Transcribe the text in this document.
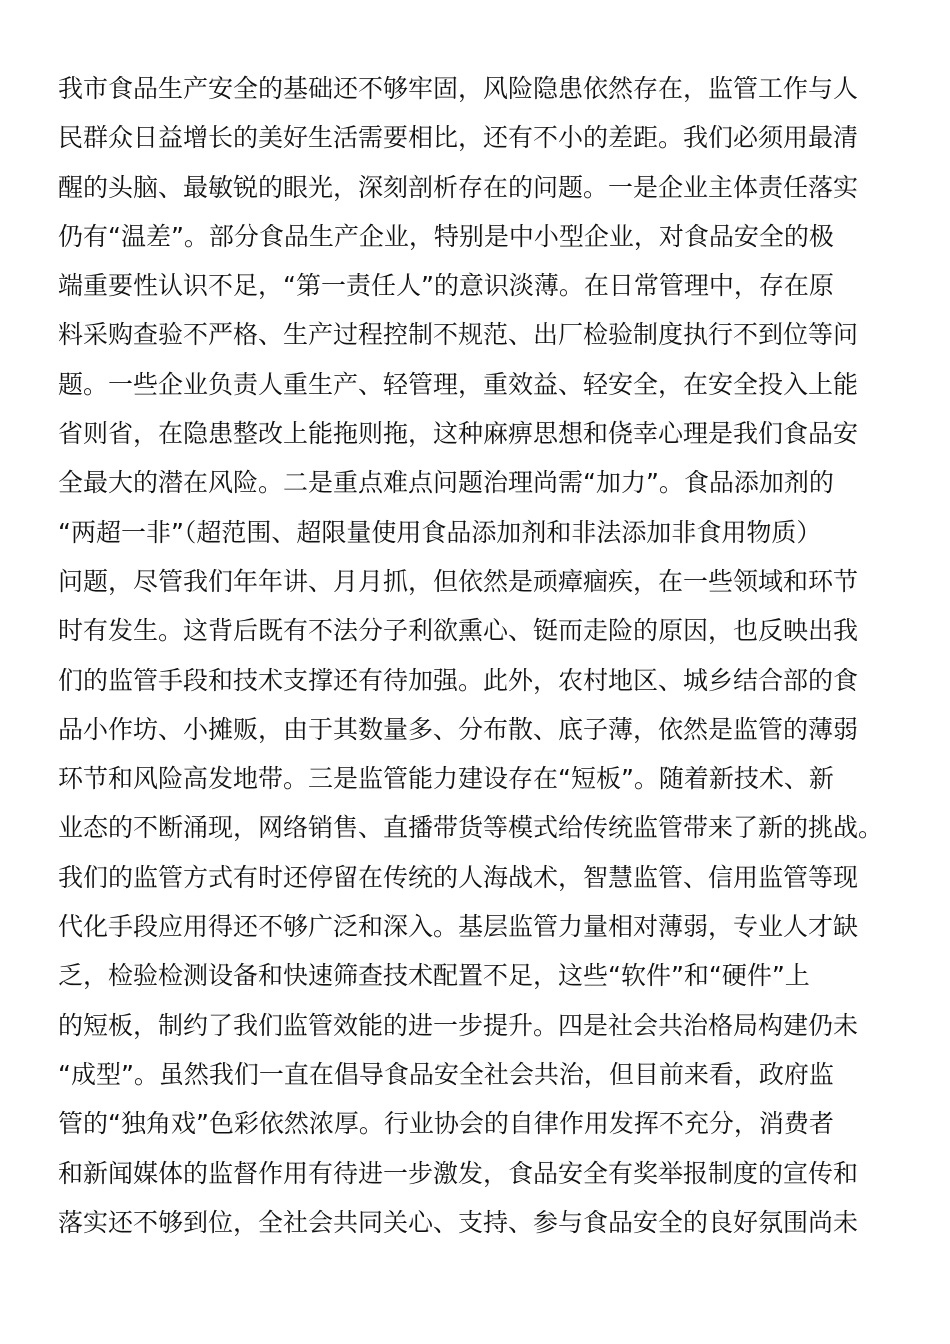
我市食品生产安全的基础还不够牢固，风险隐患依然存在，监管工作与人
民群众日益增长的美好生活需要相比，还有不小的差距。我们必须用最清
醒的头脑、最敏锐的眼光，深刻剖析存在的问题。一是企业主体责任落实
仍有“温差”。部分食品生产企业，特别是中小型企业，对食品安全的极
端重要性认识不足，“第一责任人”的意识淡薄。在日常管理中，存在原
料采购查验不严格、生产过程控制不规范、出厂检验制度执行不到位等问
题。一些企业负责人重生产、轻管理，重效益、轻安全，在安全投入上能
省则省，在隐患整改上能拖则拖，这种麻痹思想和侥幸心理是我们食品安
全最大的潜在风险。二是重点难点问题治理尚需“加力”。食品添加剂的
“两超一非”（超范围、超限量使用食品添加剂和非法添加非食用物质）
问题，尽管我们年年讲、月月抓，但依然是顽瘴痼疾，在一些领域和环节
时有发生。这背后既有不法分子利欲熏心、铤而走险的原因，也反映出我
们的监管手段和技术支撑还有待加强。此外，农村地区、城乡结合部的食
品小作坊、小摊贩，由于其数量多、分布散、底子薄，依然是监管的薄弱
环节和风险高发地带。三是监管能力建设存在“短板”。随着新技术、新
业态的不断涌现，网络销售、直播带货等模式给传统监管带来了新的挑战。
我们的监管方式有时还停留在传统的人海战术，智慧监管、信用监管等现
代化手段应用得还不够广泛和深入。基层监管力量相对薄弱，专业人才缺
乏，检验检测设备和快速筛查技术配置不足，这些“软件”和“硬件”上
的短板，制约了我们监管效能的进一步提升。四是社会共治格局构建仍未
“成型”。虽然我们一直在倡导食品安全社会共治，但目前来看，政府监
管的“独角戏”色彩依然浓厚。行业协会的自律作用发挥不充分，消费者
和新闻媒体的监督作用有待进一步激发，食品安全有奖举报制度的宣传和
落实还不够到位，全社会共同关心、支持、参与食品安全的良好氛围尚未
